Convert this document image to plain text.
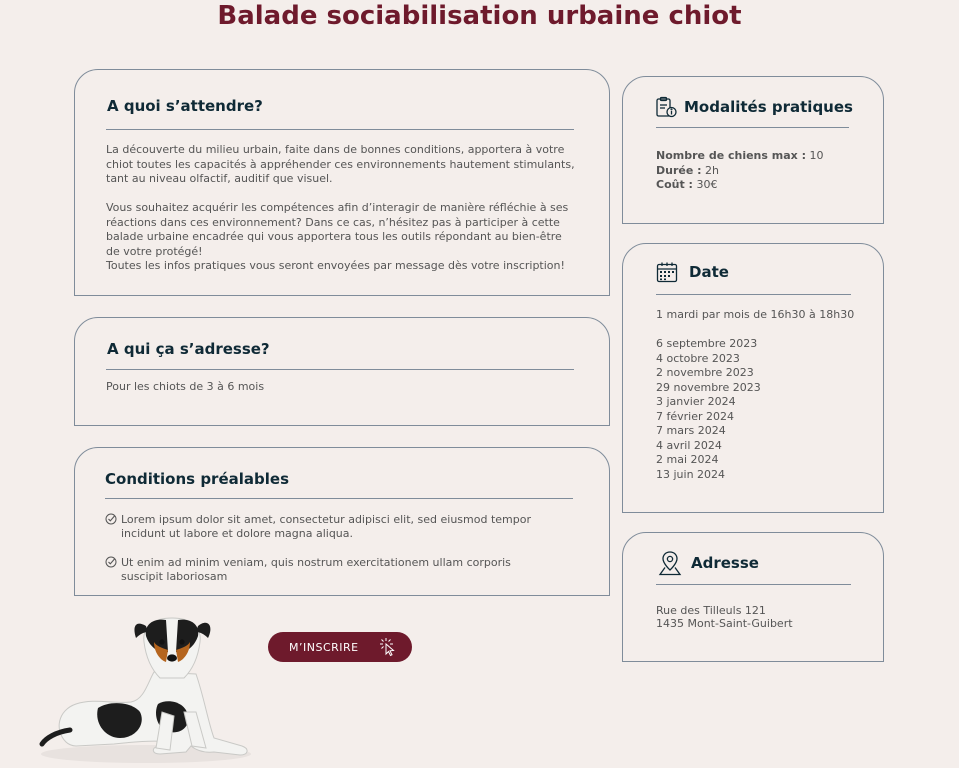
Balade sociabilisation urbaine chiot
A quoi s’attendre?

La découverte du milieu urbain, faite dans de bonnes conditions, apportera à votre chiot toutes les capacités à appréhender ces environnements hautement stimulants, tant au niveau olfactif, auditif que visuel.

Vous souhaitez acquérir les compétences afin d’interagir de manière réfléchie à ses réactions dans ces environnement? Dans ce cas, n’hésitez pas à participer à cette balade urbaine encadrée qui vous apportera tous les outils répondant au bien-être de votre protégé!

Toutes les infos pratiques vous seront envoyées par message dès votre inscription!

A qui ça s’adresse?
Pour les chiots de 3 à 6 mois
Conditions préalables
Lorem ipsum dolor sit amet, consectetur adipisci elit, sed eiusmod tempor incidunt ut labore et dolore magna aliqua.
Ut enim ad minim veniam, quis nostrum exercitationem ullam corporis suscipit laboriosam
Modalités pratiques
Nombre de chiens max : 10
Durée : 2h
Coût : 30€
Date
1 mardi par mois de 16h30 à 18h30
6 septembre 2023
4 octobre 2023
2 novembre 2023
29 novembre 2023
3 janvier 2024
7 février 2024
7 mars 2024
4 avril 2024
2 mai 2024
13 juin 2024
Adresse
Rue des Tilleuls 121
1435 Mont-Saint-Guibert
M’INSCRIRE
